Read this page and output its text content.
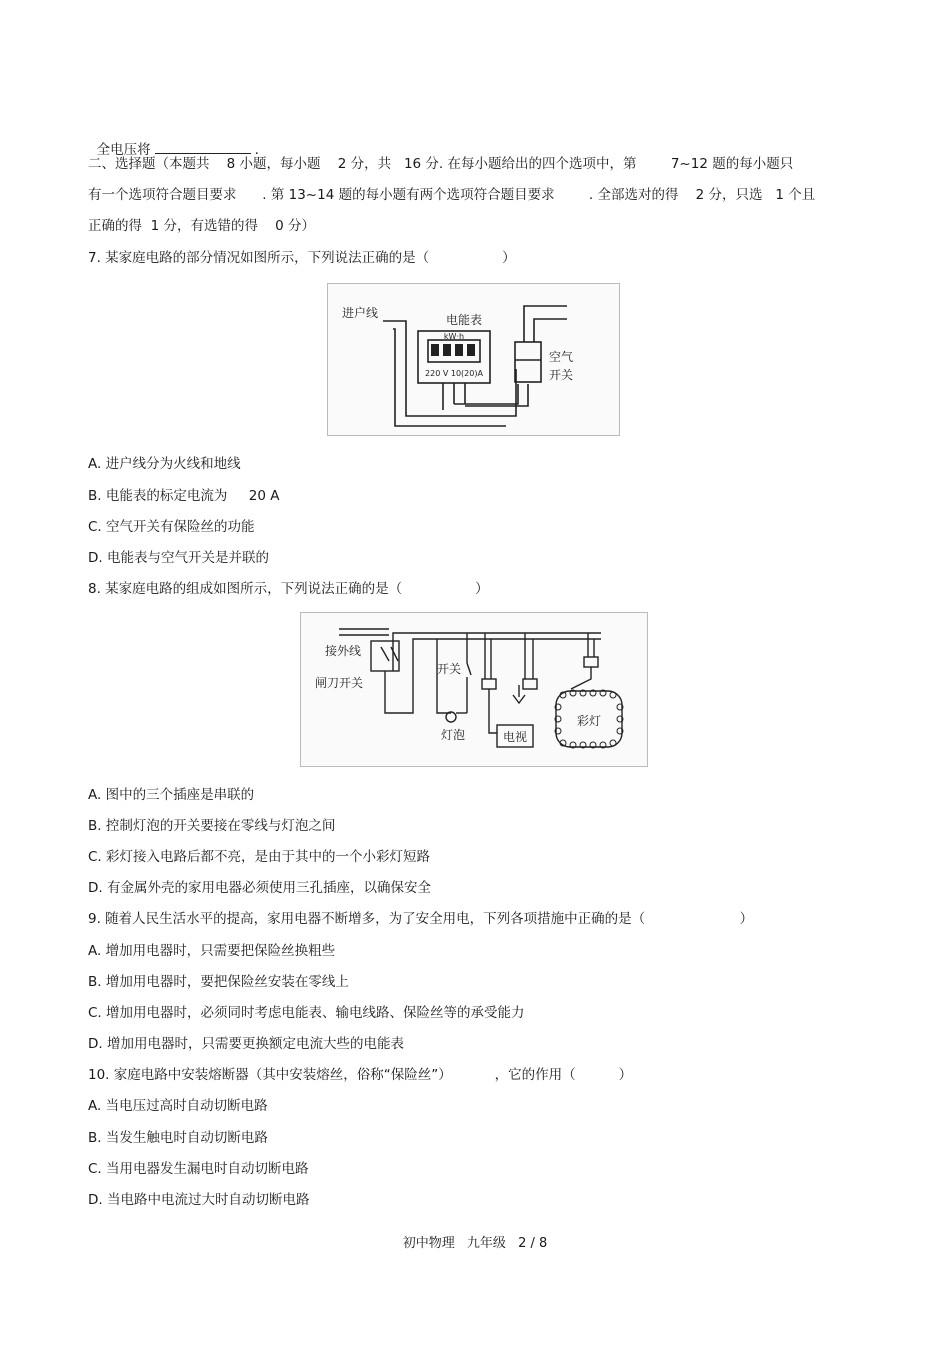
全电压将	.

二、选择题（本题共    8 小题，每小题    2 分，共   16 分. 在每小题给出的四个选项中，第        7~12 题的每小题只
有一个选项符合题目要求      . 第 13~14 题的每小题有两个选项符合题目要求        . 全部选对的得    2 分，只选   1 个且
正确的得  1 分，有选错的得    0 分）
7. 某家庭电路的部分情况如图所示，下列说法正确的是（                 ）
进户线	电能表
kW·h
220 V 10(20)A
空气
开关
A. 进户线分为火线和地线
B. 电能表的标定电流为     20 A
C. 空气开关有保险丝的功能
D. 电能表与空气开关是并联的
8. 某家庭电路的组成如图所示，下列说法正确的是（                 ）
接外线
闸刀开关
开关
灯泡	电视
彩灯
A. 图中的三个插座是串联的
B. 控制灯泡的开关要接在零线与灯泡之间
C. 彩灯接入电路后都不亮，是由于其中的一个小彩灯短路
D. 有金属外壳的家用电器必须使用三孔插座，以确保安全
9. 随着人民生活水平的提高，家用电器不断增多，为了安全用电，下列各项措施中正确的是（                      ）
A. 增加用电器时，只需要把保险丝换粗些
B. 增加用电器时，要把保险丝安装在零线上
C. 增加用电器时，必须同时考虑电能表、输电线路、保险丝等的承受能力
D. 增加用电器时，只需要更换额定电流大些的电能表
10. 家庭电路中安装熔断器（其中安装熔丝，俗称“保险丝”）          ，它的作用（          ）
A. 当电压过高时自动切断电路
B. 当发生触电时自动切断电路
C. 当用电器发生漏电时自动切断电路
D. 当电路中电流过大时自动切断电路
初中物理 九年级 2 / 8
